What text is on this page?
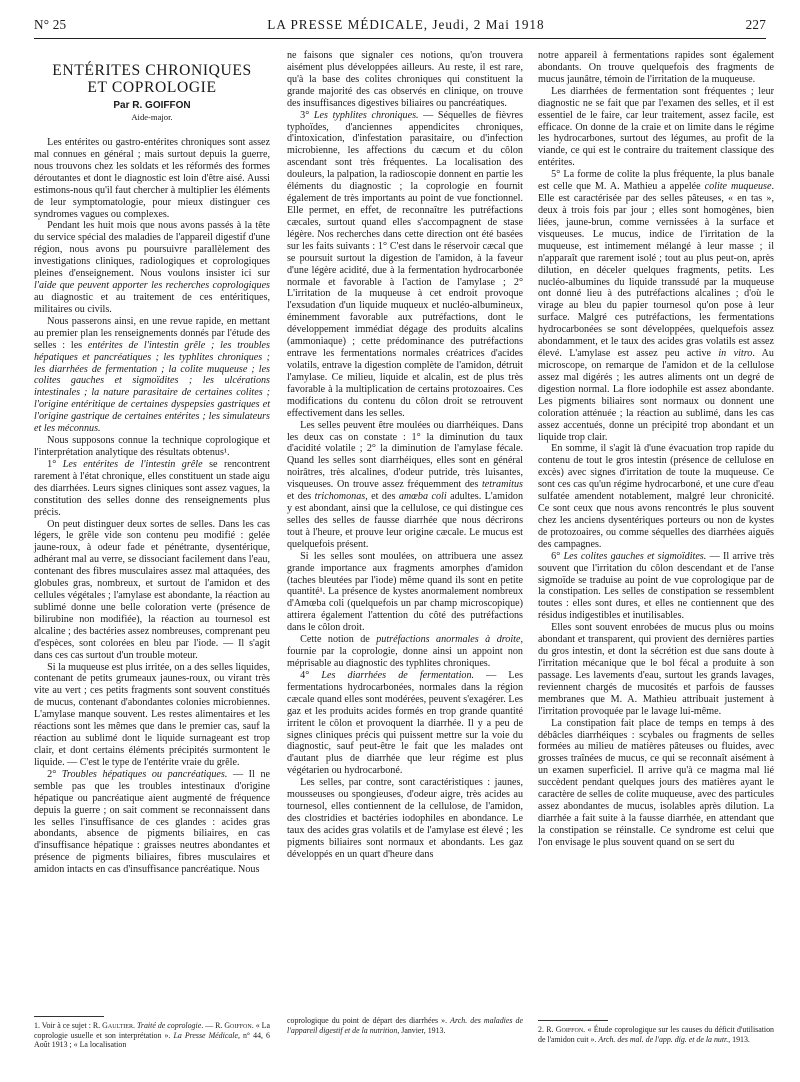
N° 25	LA PRESSE MÉDICALE, Jeudi, 2 Mai 1918	227
ENTÉRITES CHRONIQUES
ET COPROLOGIE
Par R. GOIFFON
Aide-major.

Les entérites ou gastro-entérites chroniques sont assez mal connues en général ; mais surtout depuis la guerre, nous trouvons chez les soldats et les réformés des formes déroutantes et dont le diagnostic est loin d'être aisé. Aussi estimons-nous qu'il faut chercher à multiplier les éléments de leur symptomatologie, pour mieux distinguer ces syndromes vagues ou complexes.

Pendant les huit mois que nous avons passés à la tête du service spécial des maladies de l'appareil digestif d'une région, nous avons pu poursuivre parallèlement des investigations cliniques, radiologiques et coprologiques pleines d'enseignement. Nous voulons insister ici sur l'aide que peuvent apporter les recherches coprologiques au diagnostic et au traitement de ces entéritiques, militaires ou civils.

Nous passerons ainsi, en une revue rapide, en mettant au premier plan les renseignements donnés par l'étude des selles : les entérites de l'intestin grêle ; les troubles hépatiques et pancréatiques ; les typhlites chroniques ; les diarrhées de fermentation ; la colite muqueuse ; les colites gauches et sigmoïdites ; les ulcérations intestinales ; la nature parasitaire de certaines colites ; l'origine entéritique de certaines dyspepsies gastriques et l'origine gastrique de certaines entérites ; les simulateurs et les méconnus.

Nous supposons connue la technique coprologique et l'interprétation analytique des résultats obtenus¹.

1° Les entérites de l'intestin grêle se rencontrent rarement à l'état chronique, elles constituent un stade aigu des diarrhées. Leurs signes cliniques sont assez vagues, la constitution des selles donne des renseignements plus précis.

On peut distinguer deux sortes de selles. Dans les cas légers, le grêle vide son contenu peu modifié : gelée jaune-roux, à odeur fade et pénétrante, dysentérique, adhérant mal au verre, se dissociant facilement dans l'eau, contenant des fibres musculaires assez mal attaquées, des globules gras, nombreux, et surtout de l'amidon et des cellules végétales ; l'amylase est abondante, la réaction au sublimé donne une belle coloration verte (présence de bilirubine non modifiée), la réaction au tournesol est alcaline ; des bactéries assez nombreuses, comprenant peu d'espèces, sont colorées en bleu par l'iode. — Il s'agit dans ces cas surtout d'un trouble moteur.

Si la muqueuse est plus irritée, on a des selles liquides, contenant de petits grumeaux jaunes-roux, ou virant très vite au vert ; ces petits fragments sont souvent constitués de mucus, contenant d'abondantes colonies microbiennes. L'amylase manque souvent. Les restes alimentaires et les réactions sont les mêmes que dans le premier cas, sauf la réaction au sublimé dont le liquide surnageant est trop clair, et dont certains éléments précipités surmontent le liquide. — C'est le type de l'entérite vraie du grêle.

2° Troubles hépatiques ou pancréatiques. — Il ne semble pas que les troubles intestinaux d'origine hépatique ou pancréatique aient augmenté de fréquence depuis la guerre ; on sait comment se reconnaissent dans les selles l'insuffisance de ces glandes : acides gras abondants, absence de pigments biliaires, en cas d'insuffisance hépatique : graisses neutres abondantes et présence de pigments biliaires, fibres musculaires et amidon intacts en cas d'insuffisance pancréatique. Nous

ne faisons que signaler ces notions, qu'on trouvera aisément plus développées ailleurs. Au reste, il est rare, qu'à la base des colites chroniques qui constituent la grande majorité des cas observés en clinique, on trouve des insuffisances digestives biliaires ou pancréatiques.

3° Les typhlites chroniques. — Séquelles de fièvres typhoïdes, d'anciennes appendicites chroniques, d'intoxication, d'infestation parasitaire, ou d'infection microbienne, les affections du cæcum et du côlon ascendant sont très fréquentes. La localisation des douleurs, la palpation, la radioscopie donnent en partie les éléments du diagnostic ; la coprologie en fournit également de très importants au point de vue fonctionnel. Elle permet, en effet, de reconnaître les putréfactions cæcales, surtout quand elles s'accompagnent de stase légère. Nos recherches dans cette direction ont été basées sur les faits suivants : 1° C'est dans le réservoir cæcal que se poursuit surtout la digestion de l'amidon, à la faveur d'une légère acidité, due à la fermentation hydrocarbonée normale et favorable à l'action de l'amylase ; 2° L'irritation de la muqueuse à cet endroit provoque l'exsudation d'un liquide muqueux et nucléo-albumineux, éminemment favorable aux putréfactions, dont le développement immédiat dégage des produits alcalins (ammoniaque) ; cette prédominance des putréfactions entrave les fermentations normales créatrices d'acides volatils, entrave la digestion complète de l'amidon, détruit l'amylase. Ce milieu, liquide et alcalin, est de plus très favorable à la multiplication de certains protozoaires. Ces modifications du contenu du côlon droit se retrouvent effectivement dans les selles.

Les selles peuvent être moulées ou diarrhéiques. Dans les deux cas on constate : 1° la diminution du taux d'acidité volatile ; 2° la diminution de l'amylase fécale. Quand les selles sont diarrhéiques, elles sont en général noirâtres, très alcalines, d'odeur putride, très luisantes, visqueuses. On trouve assez fréquemment des tetramitus et des trichomonas, et des amœba coli adultes. L'amidon y est abondant, ainsi que la cellulose, ce qui distingue ces selles des selles de fausse diarrhée que nous décrirons tout à l'heure, et prouve leur origine cæcale. Le mucus est quelquefois présent.

Si les selles sont moulées, on attribuera une assez grande importance aux fragments amorphes d'amidon (taches bleutées par l'iode) même quand ils sont en petite quantité¹. La présence de kystes anormalement nombreux d'Amœba coli (quelquefois un par champ microscopique) attirera également l'attention du côté des putréfactions dans le côlon droit.

Cette notion de putréfactions anormales à droite, fournie par la coprologie, donne ainsi un appoint non méprisable au diagnostic des typhlites chroniques.

4° Les diarrhées de fermentation. — Les fermentations hydrocarbonées, normales dans la région cæcale quand elles sont modérées, peuvent s'exagérer. Les gaz et les produits acides formés en trop grande quantité irritent le côlon et provoquent la diarrhée. Il y a peu de signes cliniques précis qui puissent mettre sur la voie du diagnostic, sauf peut-être le fait que les malades ont d'autant plus de diarrhée que leur régime est plus végétarien ou hydrocarboné.

Les selles, par contre, sont caractéristiques : jaunes, mousseuses ou spongieuses, d'odeur aigre, très acides au tournesol, elles contiennent de la cellulose, de l'amidon, des clostridies et bactéries iodophiles en abondance. Le taux des acides gras volatils et de l'amylase est élevé ; les pigments biliaires sont normaux et abondants. Les gaz développés en un quart d'heure dans

notre appareil à fermentations rapides sont également abondants. On trouve quelquefois des fragments de mucus jaunâtre, témoin de l'irritation de la muqueuse.

Les diarrhées de fermentation sont fréquentes ; leur diagnostic ne se fait que par l'examen des selles, et il est essentiel de le faire, car leur traitement, assez facile, est efficace. On donne de la craie et on limite dans le régime les hydrocarbones, surtout des légumes, au profit de la viande, ce qui est le contraire du traitement classique des entérites.

5° La forme de colite la plus fréquente, la plus banale est celle que M. A. Mathieu a appelée colite muqueuse. Elle est caractérisée par des selles pâteuses, « en tas », deux à trois fois par jour ; elles sont homogènes, bien liées, jaune-brun, comme vernissées à la surface et visqueuses. Le mucus, indice de l'irritation de la muqueuse, est intimement mélangé à leur masse ; il n'apparaît que rarement isolé ; tout au plus peut-on, après dilution, en déceler quelques fragments, petits. Les nucléo-albumines du liquide transsudé par la muqueuse ont donné lieu à des putréfactions alcalines ; d'où le virage au bleu du papier tournesol qu'on pose à leur surface. Malgré ces putréfactions, les fermentations hydrocarbonées se sont développées, quelquefois assez abondamment, et le taux des acides gras volatils est assez élevé. L'amylase est assez peu active in vitro. Au microscope, on remarque de l'amidon et de la cellulose assez mal digérés ; les autres aliments ont un degré de digestion normal. La flore iodophile est assez abondante. Les pigments biliaires sont normaux ou donnent une coloration atténuée ; la réaction au sublimé, dans les cas assez accentués, donne un précipité trop abondant et un liquide trop clair.

En somme, il s'agit là d'une évacuation trop rapide du contenu de tout le gros intestin (présence de cellulose en excès) avec signes d'irritation de toute la muqueuse. Ce sont ces cas qu'un régime hydrocarboné, et une cure d'eau sulfatée amendent notablement, malgré leur chronicité. Ce sont ceux que nous avons rencontrés le plus souvent chez les anciens dysentériques porteurs ou non de kystes de protozoaires, ou comme séquelles des diarrhées aiguës des campagnes.

6° Les colites gauches et sigmoïdites. — Il arrive très souvent que l'irritation du côlon descendant et de l'anse sigmoïde se traduise au point de vue coprologique par de la constipation. Les selles de constipation se ressemblent toutes : elles sont dures, et elles ne contiennent que des résidus indigestibles et inutilisables.

Elles sont souvent enrobées de mucus plus ou moins abondant et transparent, qui provient des dernières parties du gros intestin, et dont la sécrétion est due sans doute à l'irritation mécanique que le bol fécal a produite à son passage. Les lavements d'eau, surtout les grands lavages, reviennent chargés de mucosités et parfois de fausses membranes que M. A. Mathieu attribuait justement à l'irritation provoquée par le lavage lui-même.

La constipation fait place de temps en temps à des débâcles diarrhéiques : scybales ou fragments de selles formées au milieu de matières pâteuses ou fluides, avec grosses traînées de mucus, ce qui se reconnaît aisément à un examen superficiel. Il arrive qu'à ce magma mal lié succèdent pendant quelques jours des matières ayant le caractère de selles de colite muqueuse, avec des particules assez abondantes de mucus, isolables après dilution. La diarrhée a fait suite à la fausse diarrhée, en attendant que la constipation se réinstalle. Ce syndrome est celui que l'on envisage le plus souvent quand on se sert du

1. Voir à ce sujet : R. Gaultier. Traité de coprologie. — R. Goiffon. « La coprologie usuelle et son interprétation ». La Presse Médicale, n° 44, 6 Août 1913 ; « La localisation
coprologique du point de départ des diarrhées ». Arch. des maladies de l'appareil digestif et de la nutrition, Janvier, 1913.	2. R. Goiffon. « Étude coprologique sur les causes du déficit d'utilisation de l'amidon cuit ». Arch. des mal. de l'app. dig. et de la nutr., 1913.
